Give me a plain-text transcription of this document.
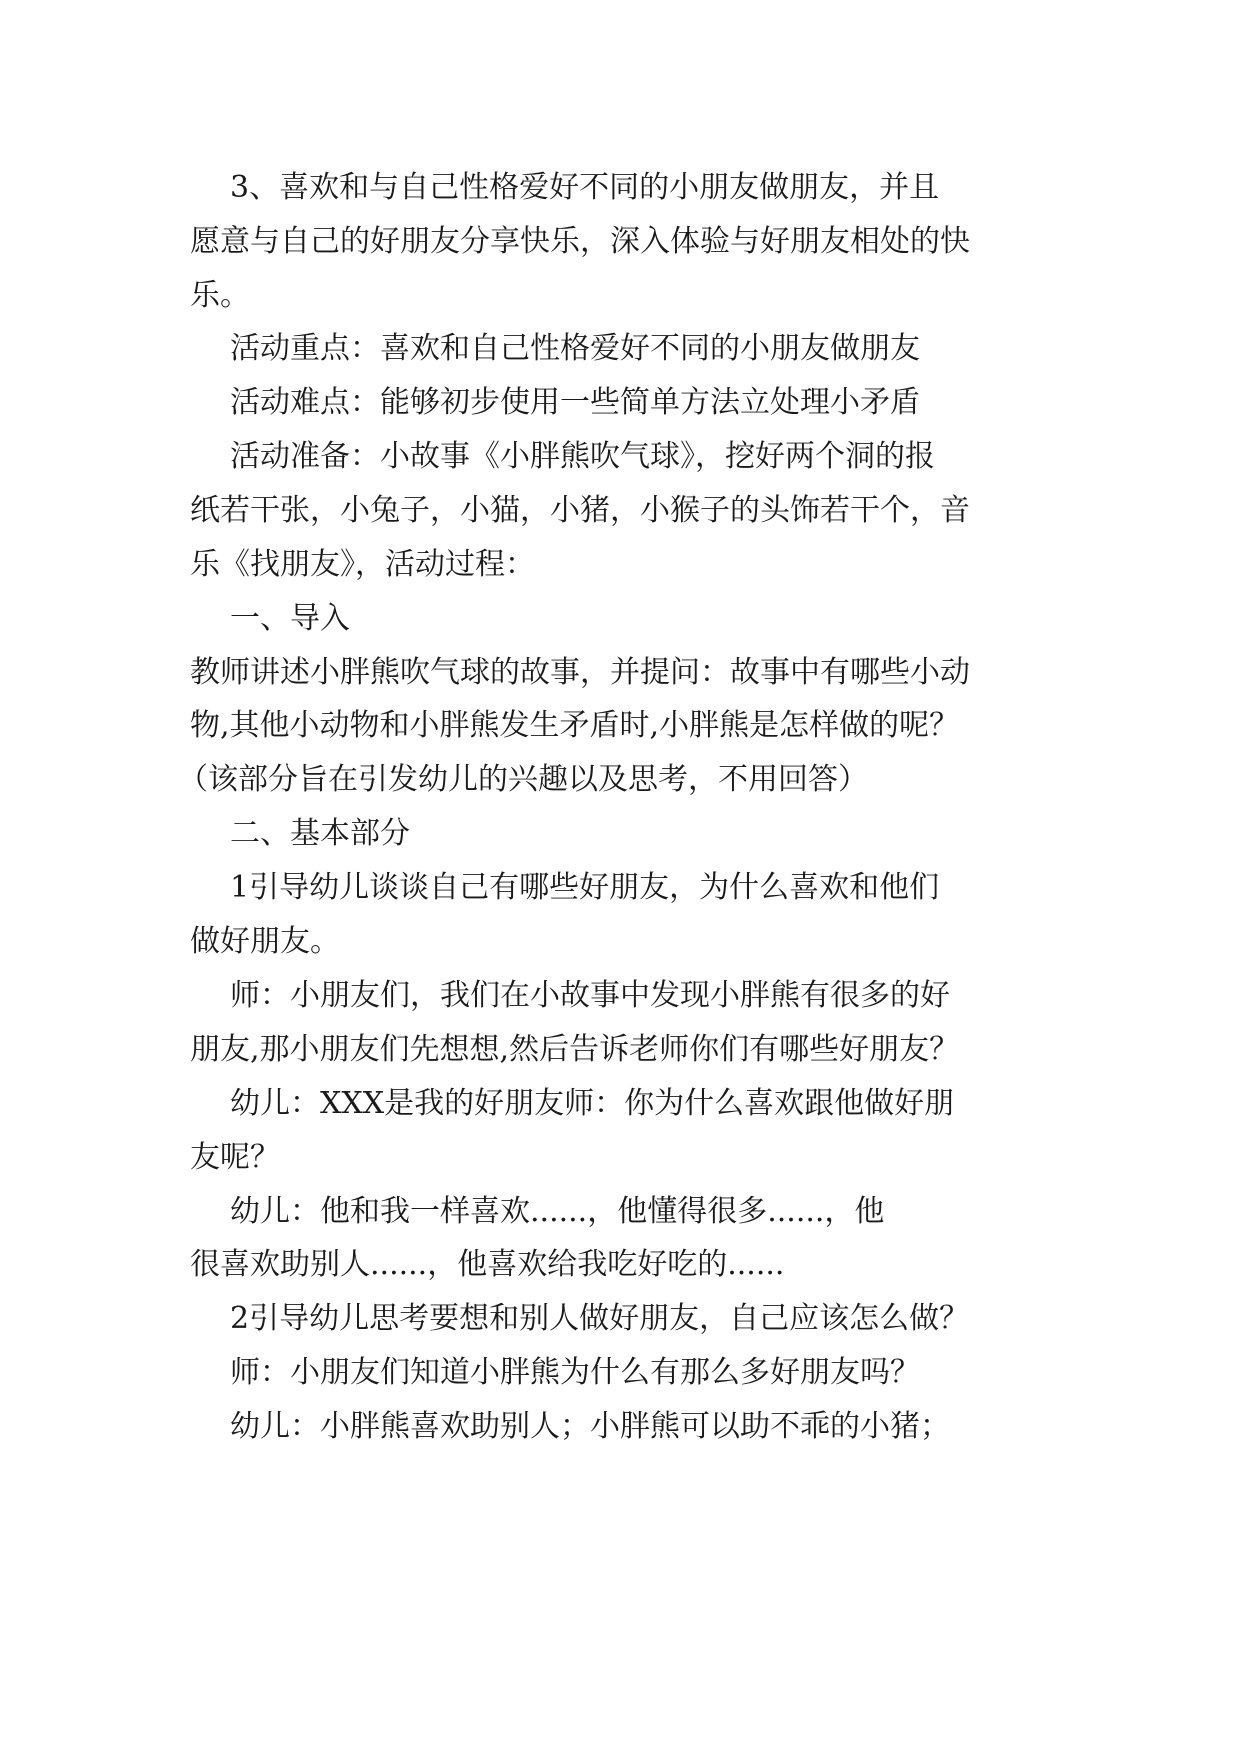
3、喜欢和与自己性格爱好不同的小朋友做朋友，并且
愿意与自己的好朋友分享快乐，深入体验与好朋友相处的快
乐。
活动重点：喜欢和自己性格爱好不同的小朋友做朋友
活动难点：能够初步使用一些简单方法立处理小矛盾
活动准备：小故事《小胖熊吹气球》，挖好两个洞的报
纸若干张，小兔子，小猫，小猪，小猴子的头饰若干个，音
乐《找朋友》，活动过程：
一、导入
教师讲述小胖熊吹气球的故事，并提问：故事中有哪些小动
物,其他小动物和小胖熊发生矛盾时,小胖熊是怎样做的呢？
（该部分旨在引发幼儿的兴趣以及思考，不用回答）
二、基本部分
1引导幼儿谈谈自己有哪些好朋友，为什么喜欢和他们
做好朋友。
师：小朋友们，我们在小故事中发现小胖熊有很多的好
朋友,那小朋友们先想想,然后告诉老师你们有哪些好朋友？
幼儿：XXX是我的好朋友师：你为什么喜欢跟他做好朋
友呢？
幼儿：他和我一样喜欢......，他懂得很多......，他
很喜欢助别人......，他喜欢给我吃好吃的......
2引导幼儿思考要想和别人做好朋友，自己应该怎么做？
师：小朋友们知道小胖熊为什么有那么多好朋友吗？
幼儿：小胖熊喜欢助别人；小胖熊可以助不乖的小猪；
